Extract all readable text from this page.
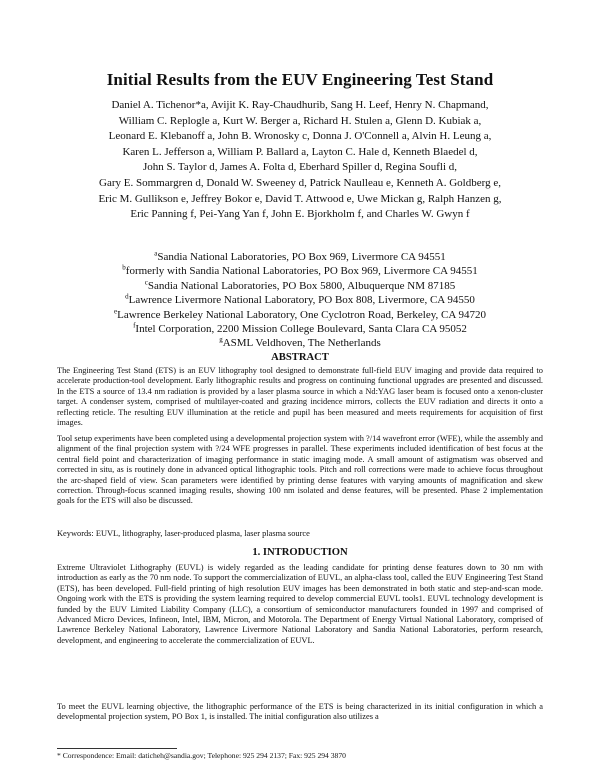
Initial Results from the EUV Engineering Test Stand
Daniel A. Tichenor*a, Avijit K. Ray-Chaudhurib, Sang H. Leef, Henry N. Chapmand,
William C. Replogle a, Kurt W. Berger a, Richard H. Stulen a, Glenn D. Kubiak a,
Leonard E. Klebanoff a, John B. Wronosky c, Donna J. O'Connell a, Alvin H. Leung a,
Karen L. Jefferson a, William P. Ballard a, Layton C. Hale d, Kenneth Blaedel d,
John S. Taylor d, James A. Folta d, Eberhard Spiller d, Regina Soufli d,
Gary E. Sommargren d, Donald W. Sweeney d, Patrick Naulleau e, Kenneth A. Goldberg e,
Eric M. Gullikson e, Jeffrey Bokor e, David T. Attwood e, Uwe Mickan g, Ralph Hanzen g,
Eric Panning f, Pei-Yang Yan f, John E. Bjorkholm f, and Charles W. Gwyn f
$^a$Sandia National Laboratories, PO Box 969, Livermore CA 94551
$^b$formerly with Sandia National Laboratories, PO Box 969, Livermore CA 94551
$^c$Sandia National Laboratories, PO Box 5800, Albuquerque NM 87185
$^d$Lawrence Livermore National Laboratory, PO Box 808, Livermore, CA 94550
$^e$Lawrence Berkeley National Laboratory, One Cyclotron Road, Berkeley, CA 94720
$^f$Intel Corporation, 2200 Mission College Boulevard, Santa Clara CA 95052
$^g$ASML Veldhoven, The Netherlands
ABSTRACT

The Engineering Test Stand (ETS) is an EUV lithography tool designed to demonstrate full-field EUV imaging and provide data required to accelerate production-tool development. Early lithographic results and progress on continuing functional upgrades are presented and discussed. In the ETS a source of 13.4 nm radiation is provided by a laser plasma source in which a Nd:YAG laser beam is focused onto a xenon-cluster target. A condenser system, comprised of multilayer-coated and grazing incidence mirrors, collects the EUV radiation and directs it onto a reflecting reticle. The resulting EUV illumination at the reticle and pupil has been measured and meets requirements for acquisition of first images.

Tool setup experiments have been completed using a developmental projection system with ?/14 wavefront error (WFE), while the assembly and alignment of the final projection system with ?/24 WFE progresses in parallel. These experiments included identification of best focus at the central field point and characterization of imaging performance in static imaging mode. A small amount of astigmatism was observed and corrected in situ, as is routinely done in advanced optical lithographic tools. Pitch and roll corrections were made to achieve focus throughout the arc-shaped field of view. Scan parameters were identified by printing dense features with varying amounts of magnification and skew correction. Through-focus scanned imaging results, showing 100 nm isolated and dense features, will be presented. Phase 2 implementation goals for the ETS will also be discussed.

Keywords: EUVL, lithography, laser-produced plasma, laser plasma source

1. INTRODUCTION

Extreme Ultraviolet Lithography (EUVL) is widely regarded as the leading candidate for printing dense features down to 30 nm with introduction as early as the 70 nm node. To support the commercialization of EUVL, an alpha-class tool, called the EUV Engineering Test Stand (ETS), has been developed. Full-field printing of high resolution EUV images has been demonstrated in both static and step-and-scan mode. Ongoing work with the ETS is providing the system learning required to develop commercial EUVL tools1. EUVL technology development is funded by the EUV Limited Liability Company (LLC), a consortium of semiconductor manufacturers founded in 1997 and comprised of Advanced Micro Devices, Infineon, Intel, IBM, Micron, and Motorola. The Department of Energy Virtual National Laboratory, comprised of Lawrence Berkeley National Laboratory, Lawrence Livermore National Laboratory and Sandia National Laboratories, perform research, development, and engineering to accelerate the commercialization of EUVL.

To meet the EUVL learning objective, the lithographic performance of the ETS is being characterized in its initial configuration in which a developmental projection system, PO Box 1, is installed. The initial configuration also utilizes a

* Correspondence: Email: daticheh@sandia.gov; Telephone: 925 294 2137; Fax: 925 294 3870
